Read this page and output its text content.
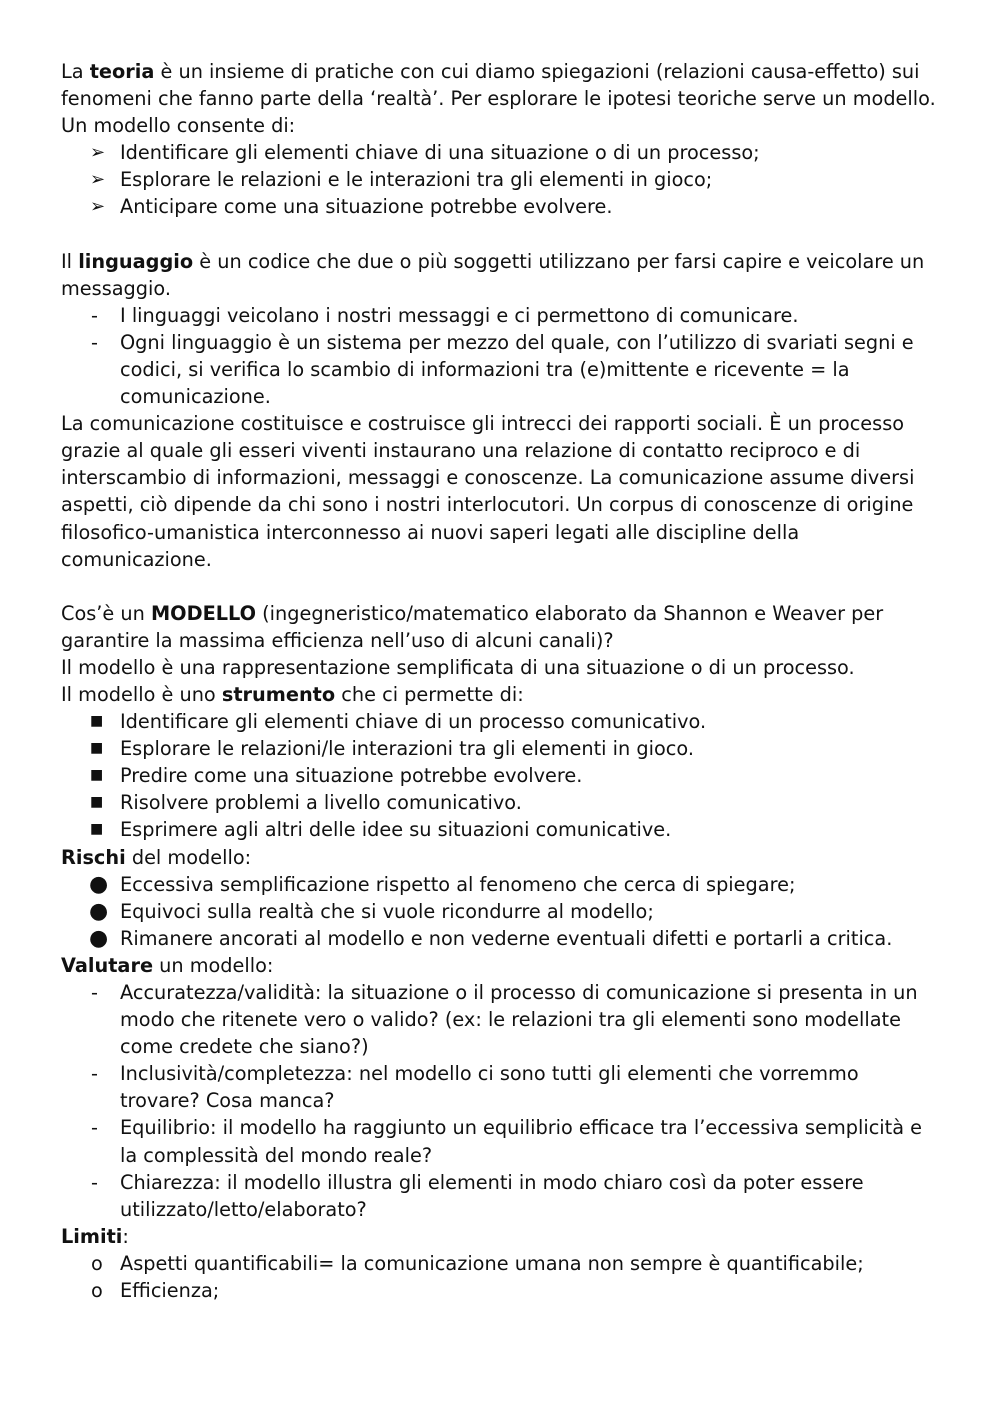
La teoria è un insieme di pratiche con cui diamo spiegazioni (relazioni causa-effetto) sui fenomeni che fanno parte della ‘realtà’. Per esplorare le ipotesi teoriche serve un modello.

Un modello consente di:

➢ Identificare gli elementi chiave di una situazione o di un processo;
➢ Esplorare le relazioni e le interazioni tra gli elementi in gioco;
➢ Anticipare come una situazione potrebbe evolvere.

Il linguaggio è un codice che due o più soggetti utilizzano per farsi capire e veicolare un messaggio.

-	I linguaggi veicolano i nostri messaggi e ci permettono di comunicare.
-	Ogni linguaggio è un sistema per mezzo del quale, con l’utilizzo di svariati segni e codici, si verifica lo scambio di informazioni tra (e)mittente e ricevente = la comunicazione.

La comunicazione costituisce e costruisce gli intrecci dei rapporti sociali. È un processo grazie al quale gli esseri viventi instaurano una relazione di contatto reciproco e di interscambio di informazioni, messaggi e conoscenze. La comunicazione assume diversi aspetti, ciò dipende da chi sono i nostri interlocutori. Un corpus di conoscenze di origine filosofico-umanistica interconnesso ai nuovi saperi legati alle discipline della comunicazione.

Cos’è un MODELLO (ingegneristico/matematico elaborato da Shannon e Weaver per garantire la massima efficienza nell’uso di alcuni canali)?

Il modello è una rappresentazione semplificata di una situazione o di un processo.

Il modello è uno strumento che ci permette di:

■ Identificare gli elementi chiave di un processo comunicativo.
■ Esplorare le relazioni/le interazioni tra gli elementi in gioco.
■ Predire come una situazione potrebbe evolvere.
■ Risolvere problemi a livello comunicativo.
■ Esprimere agli altri delle idee su situazioni comunicative.

Rischi del modello:

● Eccessiva semplificazione rispetto al fenomeno che cerca di spiegare;
● Equivoci sulla realtà che si vuole ricondurre al modello;
● Rimanere ancorati al modello e non vederne eventuali difetti e portarli a critica.

Valutare un modello:

-	Accuratezza/validità: la situazione o il processo di comunicazione si presenta in un modo che ritenete vero o valido? (ex: le relazioni tra gli elementi sono modellate come credete che siano?)
-	Inclusività/completezza: nel modello ci sono tutti gli elementi che vorremmo trovare? Cosa manca?
-	Equilibrio: il modello ha raggiunto un equilibrio efficace tra l’eccessiva semplicità e la complessità del mondo reale?
-	Chiarezza: il modello illustra gli elementi in modo chiaro così da poter essere utilizzato/letto/elaborato?

Limiti:

o Aspetti quantificabili= la comunicazione umana non sempre è quantificabile;
o Efficienza;
